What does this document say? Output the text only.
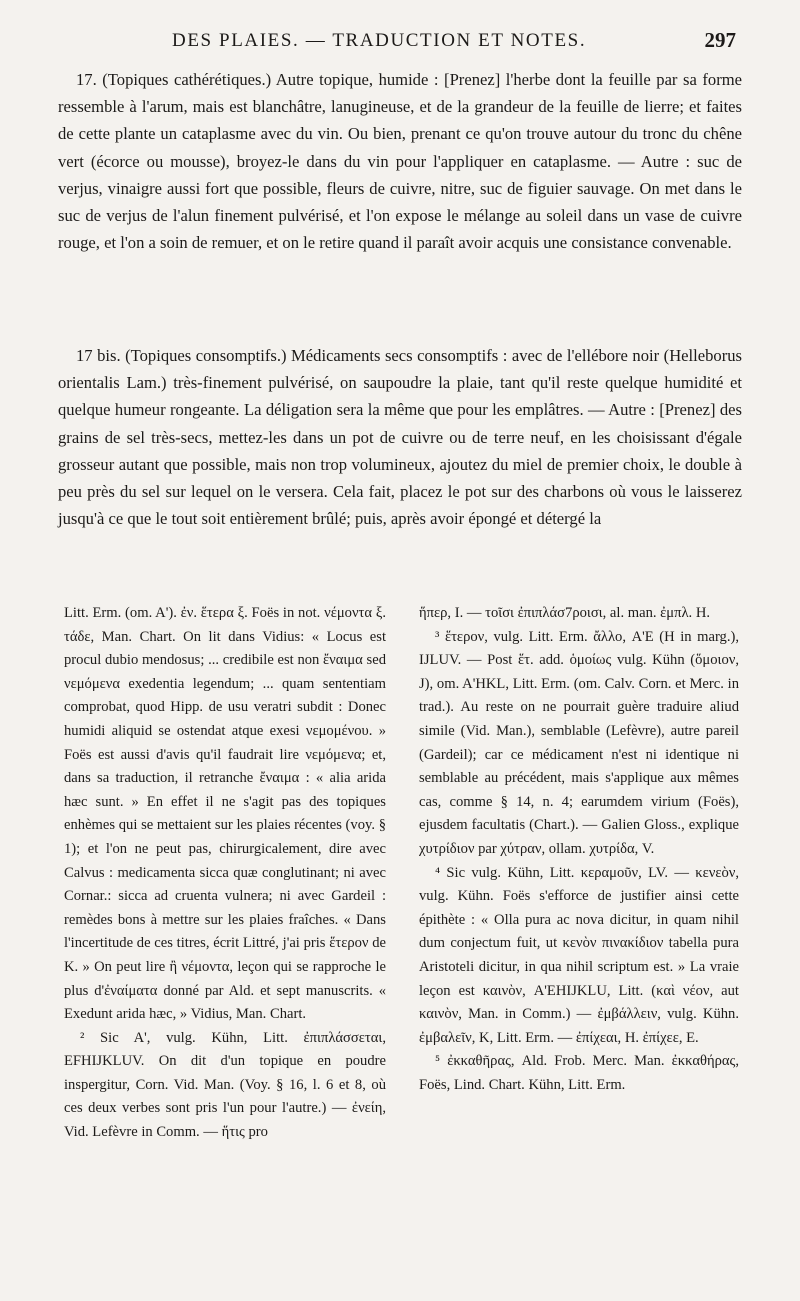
DES PLAIES. — TRADUCTION ET NOTES.	297

17. (Topiques cathérétiques.) Autre topique, humide : [Prenez] l'herbe dont la feuille par sa forme ressemble à l'arum, mais est blanchâtre, lanugineuse, et de la grandeur de la feuille de lierre; et faites de cette plante un cataplasme avec du vin. Ou bien, prenant ce qu'on trouve autour du tronc du chêne vert (écorce ou mousse), broyez-le dans du vin pour l'appliquer en cataplasme. — Autre : suc de verjus, vinaigre aussi fort que possible, fleurs de cuivre, nitre, suc de figuier sauvage. On met dans le suc de verjus de l'alun finement pulvérisé, et l'on expose le mélange au soleil dans un vase de cuivre rouge, et l'on a soin de remuer, et on le retire quand il paraît avoir acquis une consistance convenable.

17 bis. (Topiques consomptifs.) Médicaments secs consomptifs : avec de l'ellébore noir (Helleborus orientalis Lam.) très-finement pulvérisé, on saupoudre la plaie, tant qu'il reste quelque humidité et quelque humeur rongeante. La déligation sera la même que pour les emplâtres. — Autre : [Prenez] des grains de sel très-secs, mettez-les dans un pot de cuivre ou de terre neuf, en les choisissant d'égale grosseur autant que possible, mais non trop volumineux, ajoutez du miel de premier choix, le double à peu près du sel sur lequel on le versera. Cela fait, placez le pot sur des charbons où vous le laisserez jusqu'à ce que le tout soit entièrement brûlé; puis, après avoir épongé et détergé la

Litt. Erm. (om. A'). ἐν. ἕτερα ξ. Foës in not. νέμοντα ξ. τάδε, Man. Chart. On lit dans Vidius: « Locus est procul dubio mendosus; ... credibile est non ἔναιμα sed νεμόμενα exedentia legendum; ... quam sententiam comprobat, quod Hipp. de usu veratri subdit : Donec humidi aliquid se ostendat atque exesi νεμομένου. » Foës est aussi d'avis qu'il faudrait lire νεμόμενα; et, dans sa traduction, il retranche ἔναιμα : « alia arida hæc sunt. » En effet il ne s'agit pas des topiques enhèmes qui se mettaient sur les plaies récentes (voy. § 1); et l'on ne peut pas, chirurgicalement, dire avec Calvus : medicamenta sicca quæ conglutinant; ni avec Cornar.: sicca ad cruenta vulnera; ni avec Gardeil : remèdes bons à mettre sur les plaies fraîches. « Dans l'incertitude de ces titres, écrit Littré, j'ai pris ἕτερον de K. » On peut lire ἢ νέμοντα, leçon qui se rapproche le plus d'ἐναίματα donné par Ald. et sept manuscrits. « Exedunt arida hæc, » Vidius, Man. Chart.

² Sic A', vulg. Kühn, Litt. ἐπιπλάσσεται, EFHIJKLUV. On dit d'un topique en poudre inspergitur, Corn. Vid. Man. (Voy. § 16, l. 6 et 8, où ces deux verbes sont pris l'un pour l'autre.) — ἐνείη, Vid. Lefèvre in Comm. — ἥτις pro

ἥπερ, I. — τοῖσι ἐπιπλάσ7ροισι, al. man. ἐμπλ. H.

³ ἕτερον, vulg. Litt. Erm. ἄλλο, A'E (H in marg.), IJLUV. — Post ἕτ. add. ὁμοίως vulg. Kühn (ὅμοιον, J), om. A'HKL, Litt. Erm. (om. Calv. Corn. et Merc. in trad.). Au reste on ne pourrait guère traduire aliud simile (Vid. Man.), semblable (Lefèvre), autre pareil (Gardeil); car ce médicament n'est ni identique ni semblable au précédent, mais s'applique aux mêmes cas, comme § 14, n. 4; earumdem virium (Foës), ejusdem facultatis (Chart.). — Galien Gloss., explique χυτρίδιον par χύτραν, ollam. χυτρίδα, V.

⁴ Sic vulg. Kühn, Litt. κεραμοῦν, LV. — κενεὸν, vulg. Kühn. Foës s'efforce de justifier ainsi cette épithète : « Olla pura ac nova dicitur, in quam nihil dum conjectum fuit, ut κενὸν πινακίδιον tabella pura Aristoteli dicitur, in qua nihil scriptum est. » La vraie leçon est καινὸν, A'EHIJKLU, Litt. (καὶ νέον, aut καινὸν, Man. in Comm.) — ἐμβάλλειν, vulg. Kühn. ἐμβαλεῖν, K, Litt. Erm. — ἐπίχεαι, H. ἐπίχεε, E.

⁵ ἐκκαθῆρας, Ald. Frob. Merc. Man. ἐκκαθήρας, Foës, Lind. Chart. Kühn, Litt. Erm.
